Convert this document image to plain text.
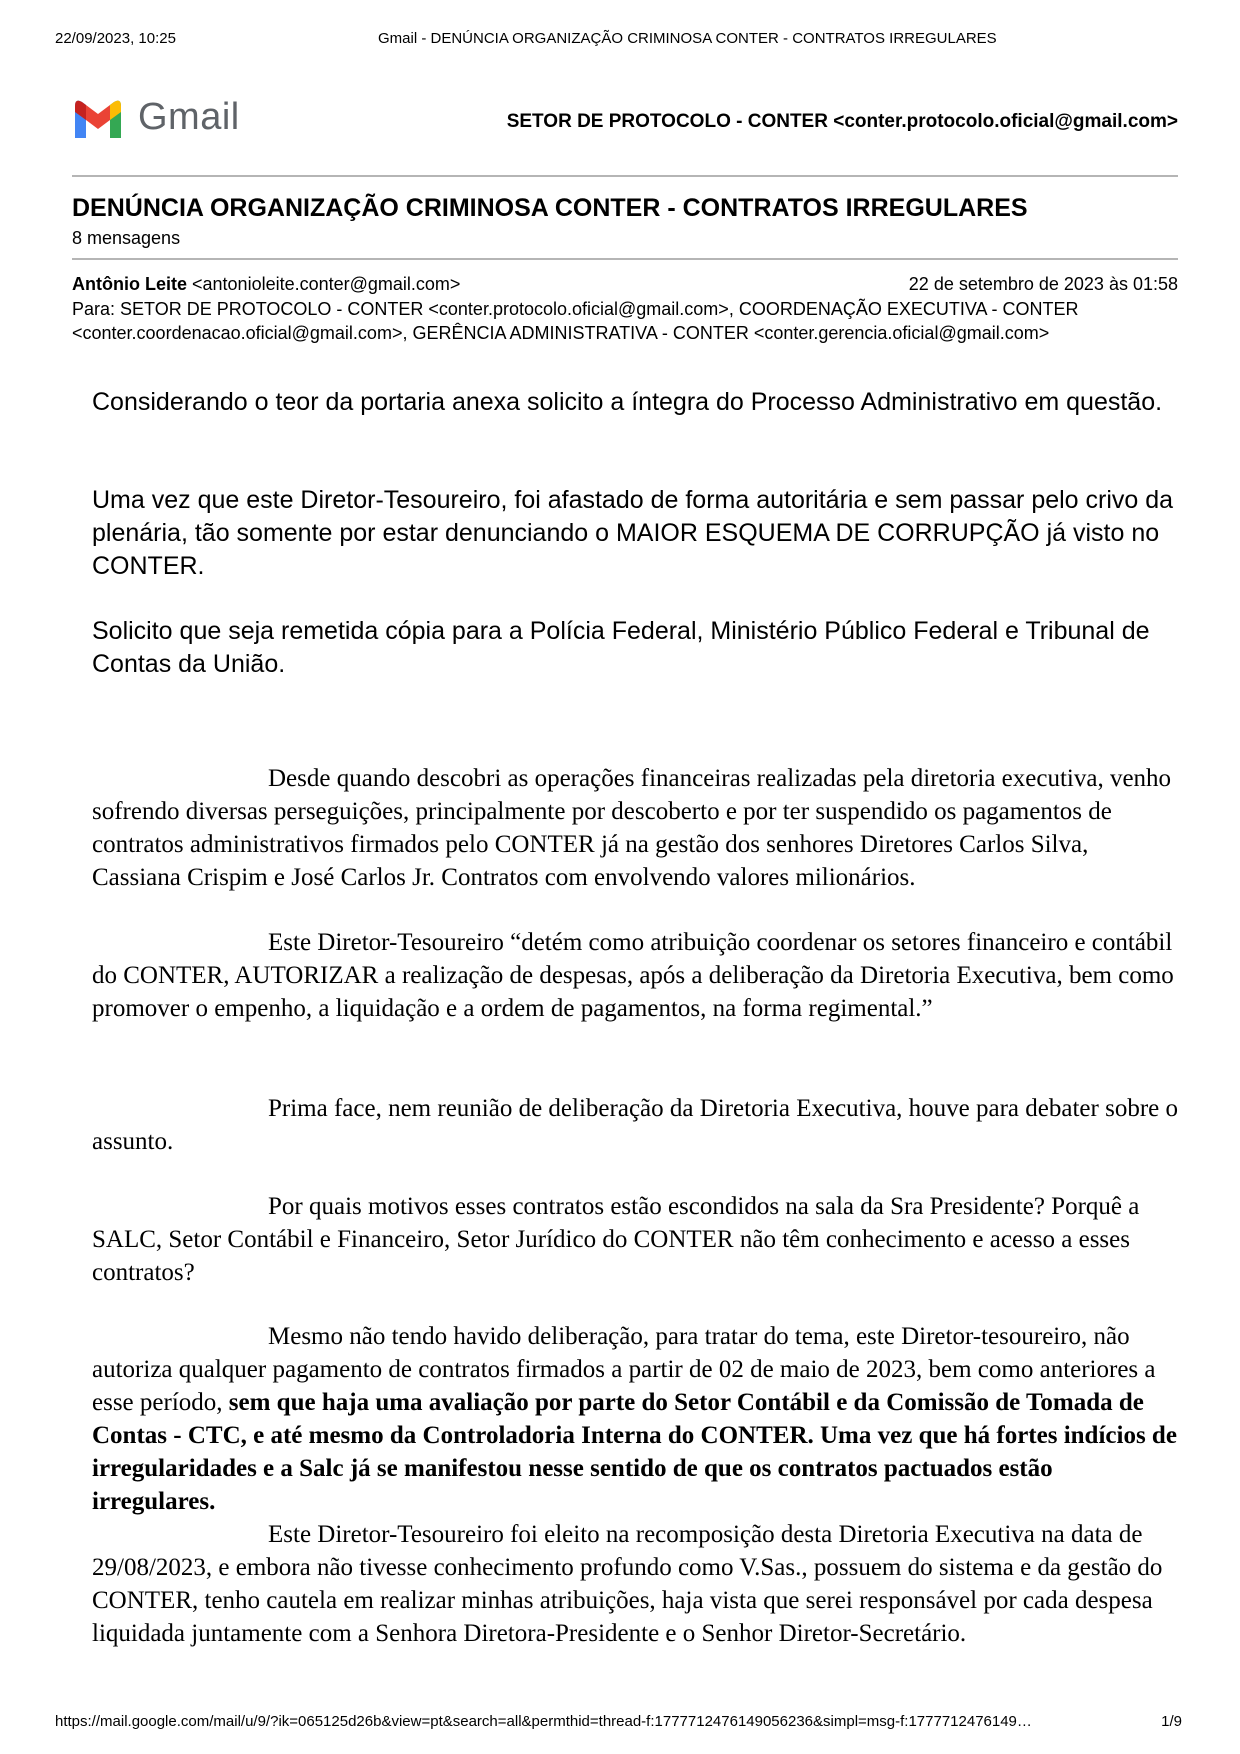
22/09/2023, 10:25	Gmail - DENÚNCIA ORGANIZAÇÃO CRIMINOSA CONTER - CONTRATOS IRREGULARES
Gmail	SETOR DE PROTOCOLO - CONTER <conter.protocolo.oficial@gmail.com>
DENÚNCIA ORGANIZAÇÃO CRIMINOSA CONTER - CONTRATOS IRREGULARES
8 mensagens
Antônio Leite <antonioleite.conter@gmail.com>	22 de setembro de 2023 às 01:58
Para: SETOR DE PROTOCOLO - CONTER <conter.protocolo.oficial@gmail.com>, COORDENAÇÃO EXECUTIVA - CONTER <conter.coordenacao.oficial@gmail.com>, GERÊNCIA ADMINISTRATIVA - CONTER <conter.gerencia.oficial@gmail.com>
Considerando o teor da portaria anexa solicito a íntegra do Processo Administrativo em questão.
Uma vez que este Diretor-Tesoureiro, foi afastado de forma autoritária e sem passar pelo crivo da plenária, tão somente por estar denunciando o MAIOR ESQUEMA DE CORRUPÇÃO já visto no CONTER.
Solicito que seja remetida cópia para a Polícia Federal, Ministério Público Federal e Tribunal de Contas da União.
Desde quando descobri as operações financeiras realizadas pela diretoria executiva, venho sofrendo diversas perseguições, principalmente por descoberto e por ter suspendido os pagamentos de contratos administrativos firmados pelo CONTER já na gestão dos senhores Diretores Carlos Silva, Cassiana Crispim e José Carlos Jr. Contratos com envolvendo valores milionários.
Este Diretor-Tesoureiro “detém como atribuição coordenar os setores financeiro e contábil do CONTER, AUTORIZAR a realização de despesas, após a deliberação da Diretoria Executiva, bem como promover o empenho, a liquidação e a ordem de pagamentos, na forma regimental.”
Prima face, nem reunião de deliberação da Diretoria Executiva, houve para debater sobre o assunto.
Por quais motivos esses contratos estão escondidos na sala da Sra Presidente? Porquê a SALC, Setor Contábil e Financeiro, Setor Jurídico do CONTER não têm conhecimento e acesso a esses contratos?
Mesmo não tendo havido deliberação, para tratar do tema, este Diretor-tesoureiro, não autoriza qualquer pagamento de contratos firmados a partir de 02 de maio de 2023, bem como anteriores a esse período, sem que haja uma avaliação por parte do Setor Contábil e da Comissão de Tomada de Contas - CTC, e até mesmo da Controladoria Interna do CONTER. Uma vez que há fortes indícios de irregularidades e a Salc já se manifestou nesse sentido de que os contratos pactuados estão irregulares.
Este Diretor-Tesoureiro foi eleito na recomposição desta Diretoria Executiva na data de 29/08/2023, e embora não tivesse conhecimento profundo como V.Sas., possuem do sistema e da gestão do CONTER, tenho cautela em realizar minhas atribuições, haja vista que serei responsável por cada despesa liquidada juntamente com a Senhora Diretora-Presidente e o Senhor Diretor-Secretário.
https://mail.google.com/mail/u/9/?ik=065125d26b&view=pt&search=all&permthid=thread-f:1777712476149056236&simpl=msg-f:1777712476149…	1/9
